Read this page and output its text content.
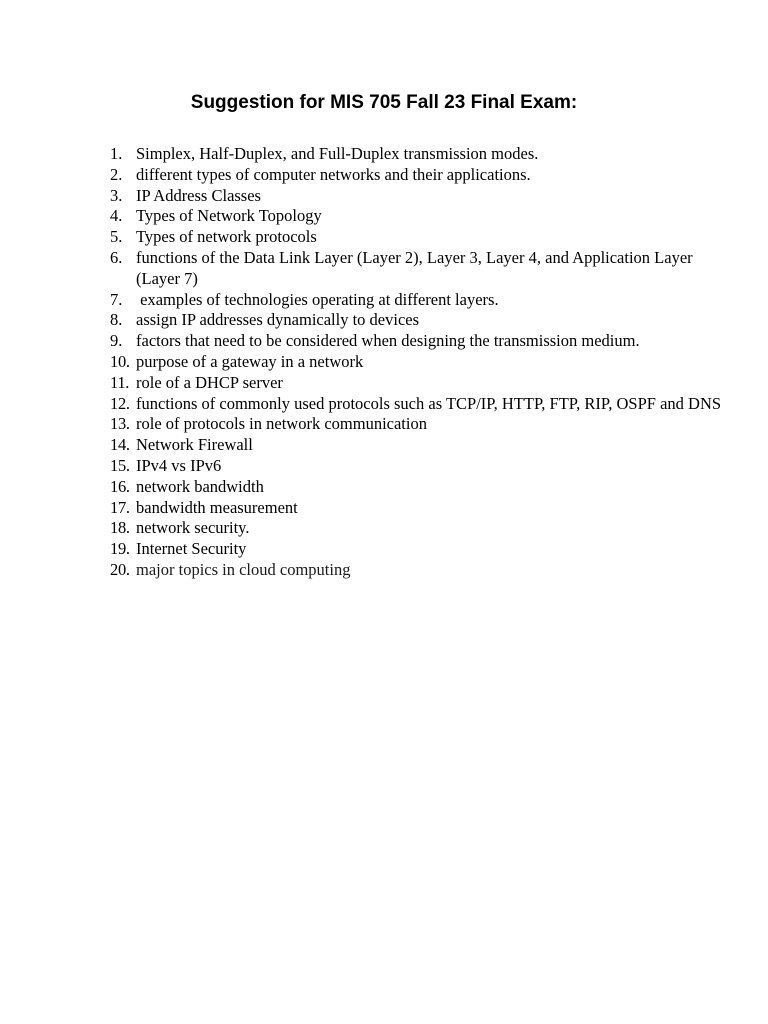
Suggestion for MIS 705 Fall 23 Final Exam:
1. Simplex, Half-Duplex, and Full-Duplex transmission modes.
2. different types of computer networks and their applications.
3. IP Address Classes
4. Types of Network Topology
5. Types of network protocols
6. functions of the Data Link Layer (Layer 2), Layer 3, Layer 4, and Application Layer (Layer 7)
7. examples of technologies operating at different layers.
8. assign IP addresses dynamically to devices
9. factors that need to be considered when designing the transmission medium.
10. purpose of a gateway in a network
11. role of a DHCP server
12. functions of commonly used protocols such as TCP/IP, HTTP, FTP, RIP, OSPF and DNS
13. role of protocols in network communication
14. Network Firewall
15. IPv4 vs IPv6
16. network bandwidth
17. bandwidth measurement
18. network security.
19. Internet Security
20. major topics in cloud computing
